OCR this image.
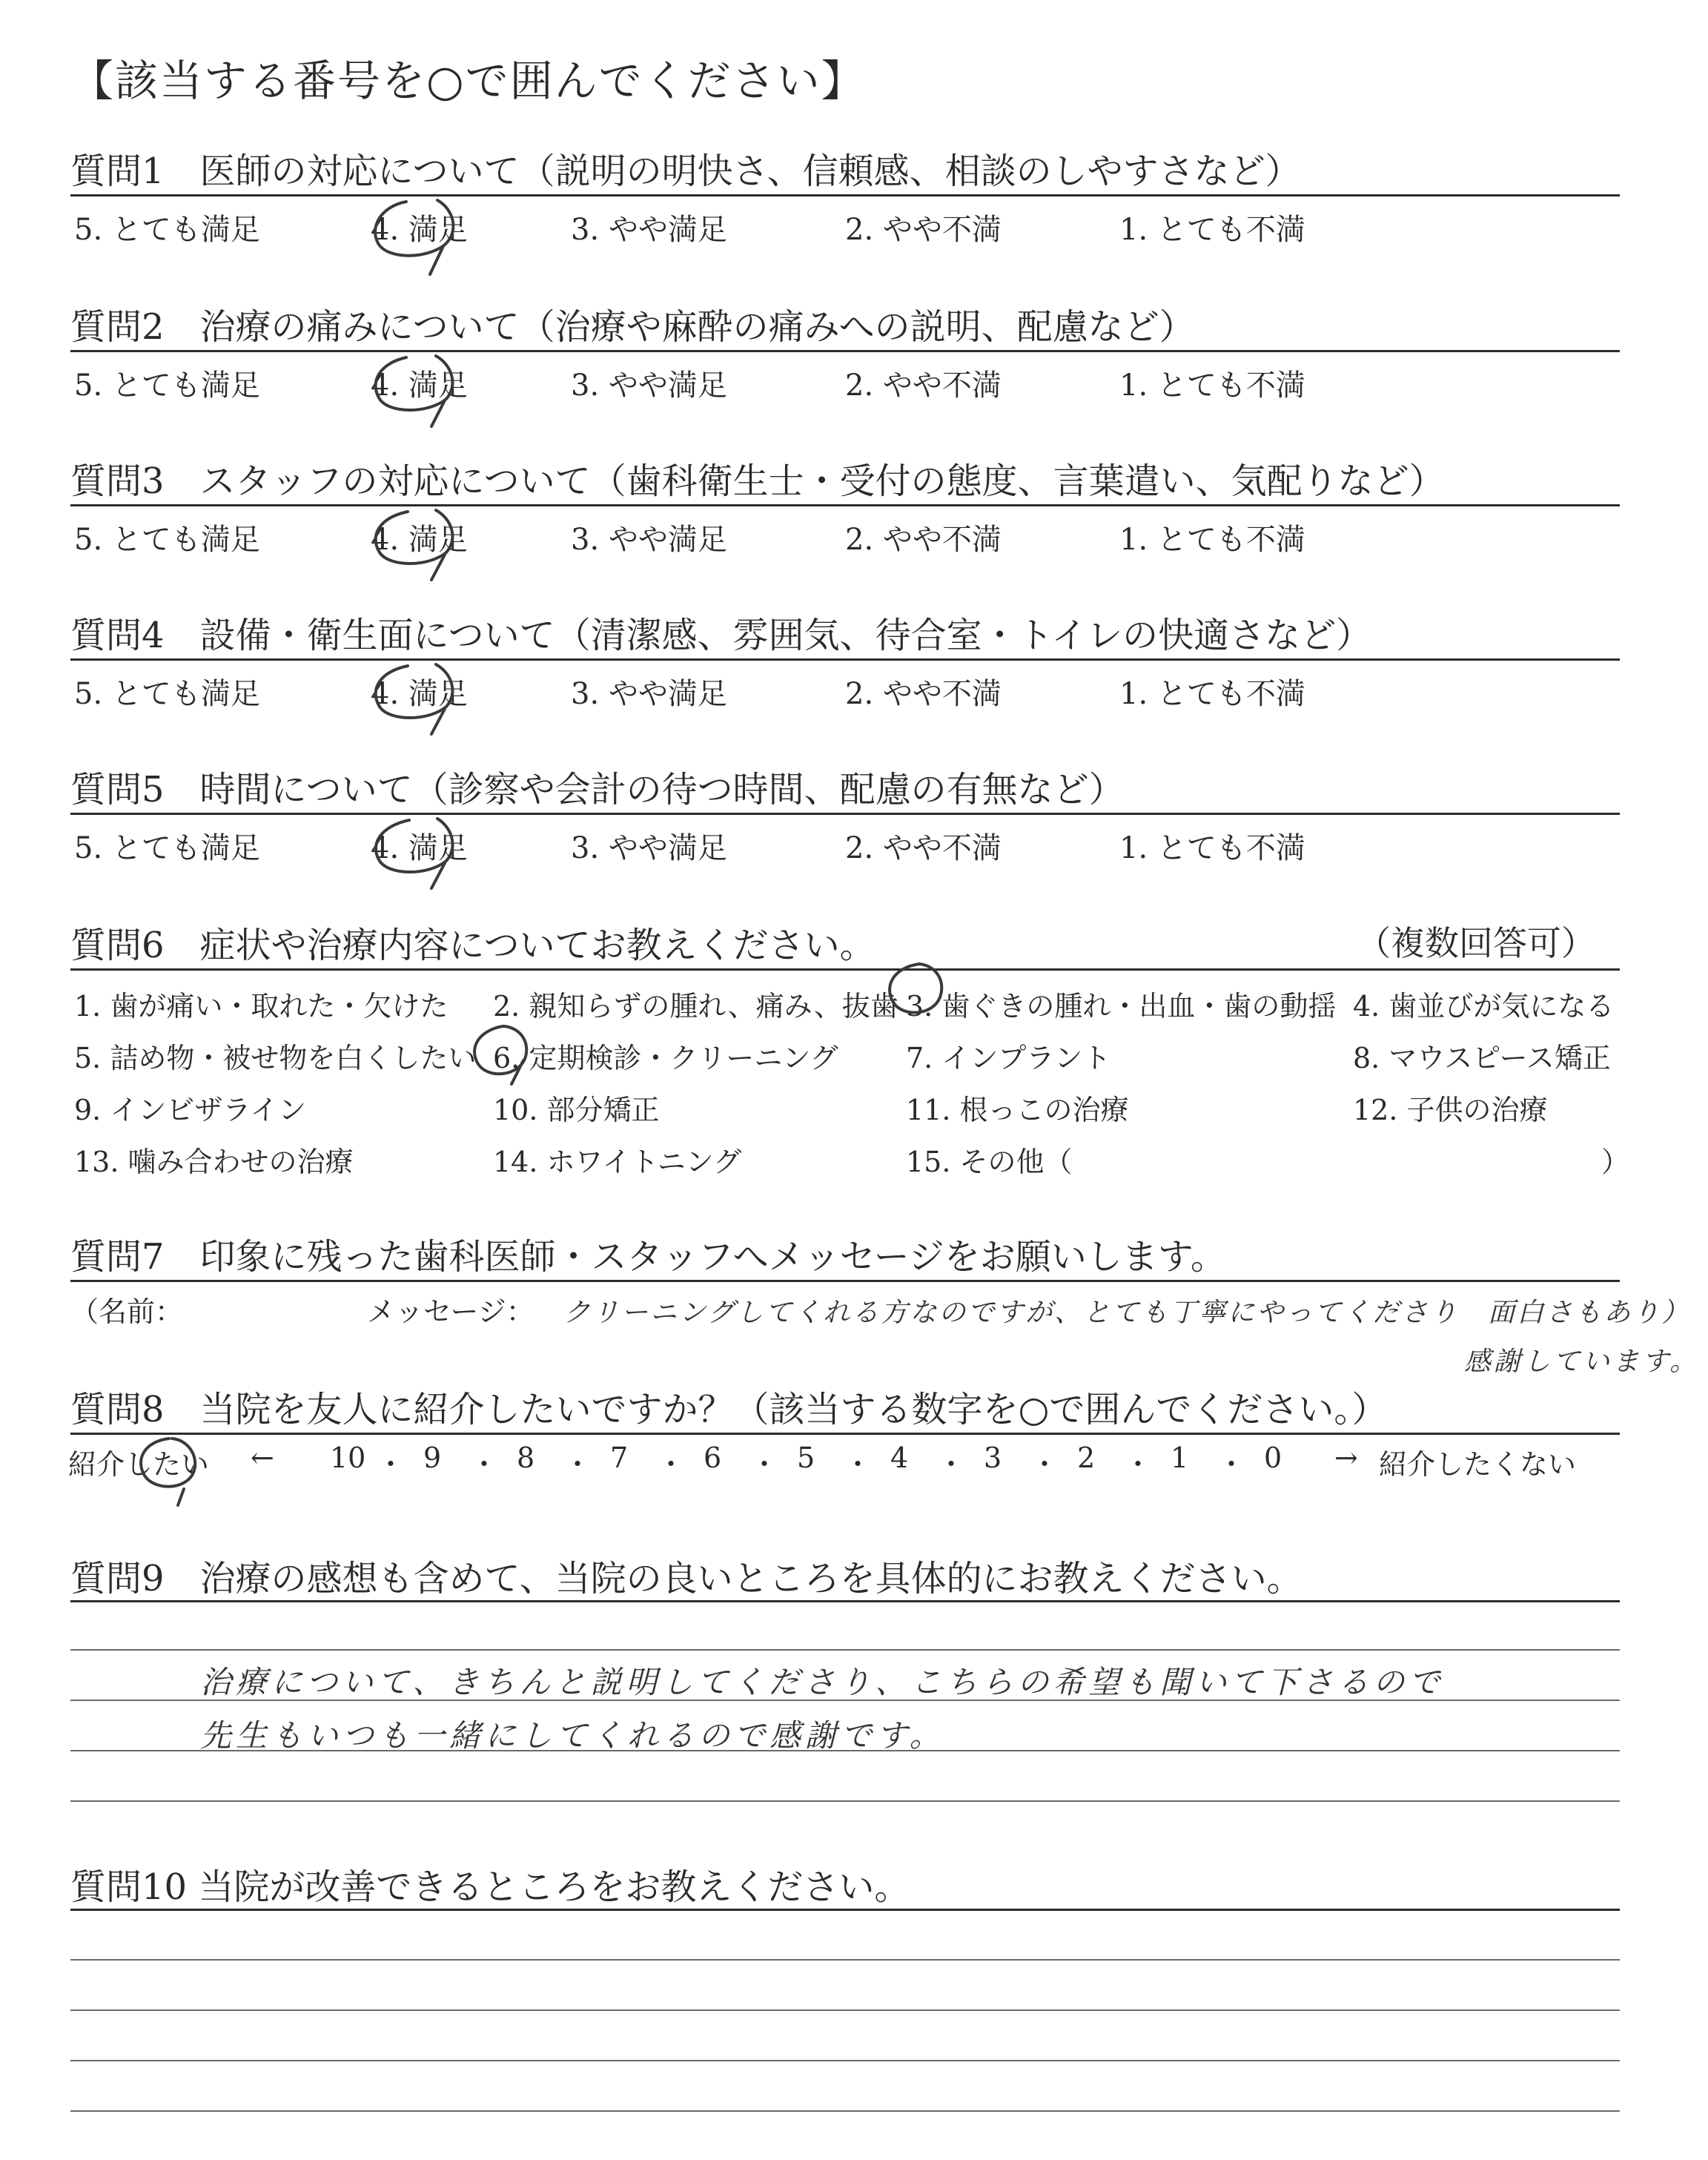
【該当する番号を○で囲んでください】
質問1　医師の対応について（説明の明快さ、信頼感、相談のしやすさなど）
5. とても満足	4. 満足	3. やや満足	2. やや不満	1. とても不満
質問2　治療の痛みについて（治療や麻酔の痛みへの説明、配慮など）
5. とても満足	4. 満足	3. やや満足	2. やや不満	1. とても不満
質問3　スタッフの対応について（歯科衛生士・受付の態度、言葉遣い、気配りなど）
5. とても満足	4. 満足	3. やや満足	2. やや不満	1. とても不満
質問4　設備・衛生面について（清潔感、雰囲気、待合室・トイレの快適さなど）
5. とても満足	4. 満足	3. やや満足	2. やや不満	1. とても不満
質問5　時間について（診察や会計の待つ時間、配慮の有無など）
5. とても満足	4. 満足	3. やや満足	2. やや不満	1. とても不満
質問6　症状や治療内容についてお教えください。	（複数回答可）
1. 歯が痛い・取れた・欠けた 2. 親知らずの腫れ、痛み、抜歯 3. 歯ぐきの腫れ・出血・歯の動揺 4. 歯並びが気になる
5. 詰め物・被せ物を白くしたい 6. 定期検診・クリーニング 7. インプラント	8. マウスピース矯正
9. インビザライン	10. 部分矯正	11. 根っこの治療	12. 子供の治療
13. 噛み合わせの治療	14. ホワイトニング	15. その他（	）
質問7　印象に残った歯科医師・スタッフへメッセージをお願いします。
（名前：	メッセージ： クリーニングしてくれる方なのですが、とても丁寧にやってくださり　面白さもあり）
感謝しています。
質問8　当院を友人に紹介したいですか？（該当する数字を○で囲んでください。）
紹介したい ← 10 ・ 9 ・ 8 ・ 7 ・ 6 ・ 5 ・ 4 ・ 3 ・ 2 ・ 1 ・ 0 → 紹介したくない
質問9　治療の感想も含めて、当院の良いところを具体的にお教えください。
治療について、きちんと説明してくださり、こちらの希望も聞いて下さるので
先生もいつも一緒にしてくれるので感謝です。
質問10 当院が改善できるところをお教えください。
